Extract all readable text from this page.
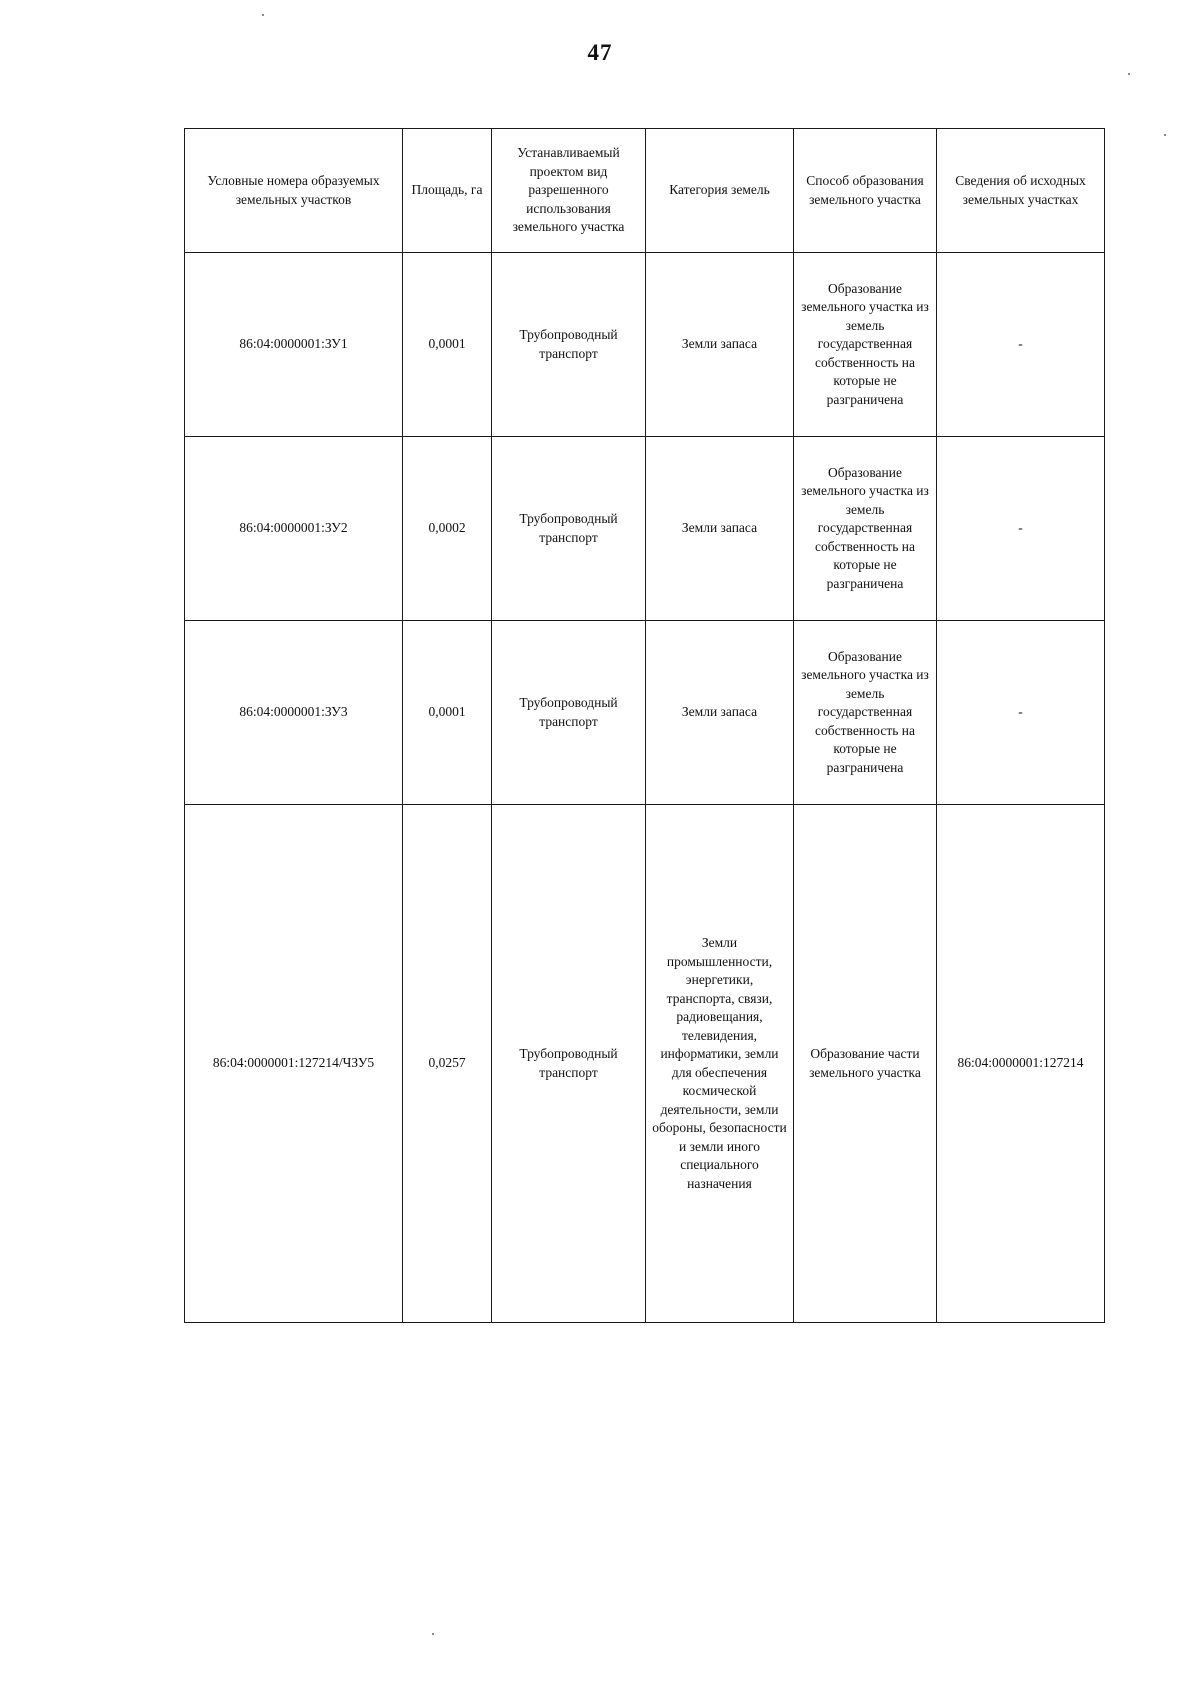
47
Условные номера образуемых земельных участков	Площадь, га	Устанавливаемый проектом вид разрешенного использования земельного участка	Категория земель	Способ образования земельного участка	Сведения об исходных земельных участках
86:04:0000001:ЗУ1	0,0001	Трубопроводный транспорт	Земли запаса	Образование земельного участка из земель государственная собственность на которые не разграничена	-
86:04:0000001:ЗУ2	0,0002	Трубопроводный транспорт	Земли запаса	Образование земельного участка из земель государственная собственность на которые не разграничена	-
86:04:0000001:ЗУ3	0,0001	Трубопроводный транспорт	Земли запаса	Образование земельного участка из земель государственная собственность на которые не разграничена	-
86:04:0000001:127214/ЧЗУ5	0,0257	Трубопроводный транспорт	Земли промышленности, энергетики, транспорта, связи, радиовещания, телевидения, информатики, земли для обеспечения космической деятельности, земли обороны, безопасности и земли иного специального назначения	Образование части земельного участка	86:04:0000001:127214
